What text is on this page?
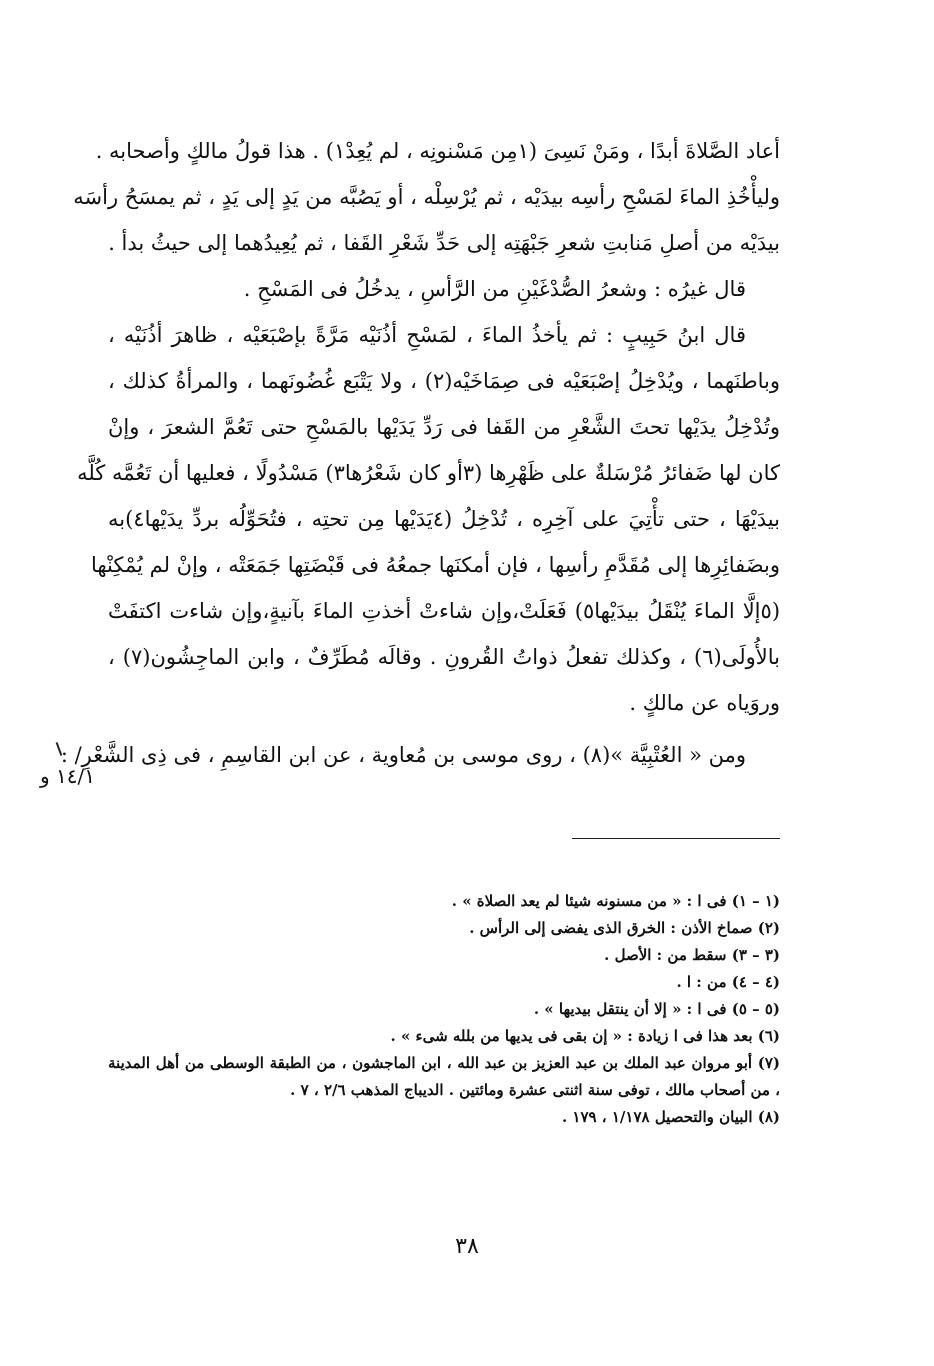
أعاد الصَّلاةَ أبدًا ، ومَنْ نَسِىَ (١مِن مَسْنونِه ، لم يُعِدْ١) . هذا قولُ مالكٍ وأصحابه .
وليأْخُذِ الماءَ لمَسْحِ رأسِه بيدَيْه ، ثم يُرْسِلْه ، أو يَصُبَّه من يَدٍ إلى يَدٍ ، ثم يمسَحُ رأسَه
بيدَيْه من أصلِ مَنابتِ شعرِ جَبْهَتِه إلى حَدِّ شَعْرِ القَفا ، ثم يُعِيدُهما إلى حيثُ بدأ .
قال غيرُه : وشعرُ الصُّدْغَيْنِ من الرَّأسِ ، يدخُلُ فى المَسْحِ .
قال ابنُ حَبِيبٍ : ثم يأخذُ الماءَ ، لمَسْحِ أذُنَيْه مَرَّةً بإصْبَعَيْه ، ظاهرَ أذُنَيْه ،
وباطنَهما ، ويُدْخِلُ إصْبَعَيْه فى صِمَاخَيْه(٢) ، ولا يَتْبَع غُضُونَهما ، والمرأةُ كذلك ،
وتُدْخِلُ يدَيْها تحتَ الشَّعْرِ من القَفا فى رَدِّ يَدَيْها بالمَسْحِ حتى تَعُمَّ الشعرَ ، وإنْ
كان لها ضَفائرُ مُرْسَلةٌ على ظَهْرِها (٣أو كان شَعْرُها٣) مَسْدُولًا ، فعليها أن تَعُمَّه كُلَّه
بيدَيْهَا ، حتى تأْتِيَ على آخِرِه ، تُدْخِلُ (٤يَدَيْها مِن تحتِه ، فتُحَوِّلُه بردِّ يدَيْها٤)به
وبضَفائِرِها إلى مُقَدَّمِ رأسِها ، فإن أمكنَها جمعُهُ فى قَبْضَتِها جَمَعَتْه ، وإنْ لم يُمْكِنْها
(٥إلَّا الماءَ يُنْقَلُ بيدَيْها٥) فَعَلَتْ،وإن شاءتْ أخذتِ الماءَ بآنيةٍ،وإن شاءت اكتفَتْ
بالأُولَى(٦) ، وكذلك تفعلُ ذواتُ القُرونِ . وقالَه مُطَرِّفٌ ، وابن الماجِشُون(٧) ،
وروَياه عن مالكٍ .
ومن « العُتْبِيَّة »(٨) ، روى موسى بن مُعاوية ، عن ابن القاسِمِ ، فى ذِى الشَّعْرِ/ :
١٤/١ و
(١ – ١) فى ا : « من مسنونه شيئا لم يعد الصلاة » .
(٢) صماخ الأذن : الخرق الذى يفضى إلى الرأس .
(٣ – ٣) سقط من : الأصل .
(٤ – ٤) من : ا .
(٥ – ٥) فى ا : « إلا أن ينتقل بيديها » .
(٦) بعد هذا فى ا زيادة : « إن بقى فى يديها من بلله شىء » .
(٧) أبو مروان عبد الملك بن عبد العزيز بن عبد الله ، ابن الماجشون ، من الطبقة الوسطى من أهل المدينة ، من أصحاب مالك ، توفى سنة اثنتى عشرة ومائتين . الديباج المذهب ٢/٦ ، ٧ .
(٨) البيان والتحصيل ١/١٧٨ ، ١٧٩ .
٣٨
